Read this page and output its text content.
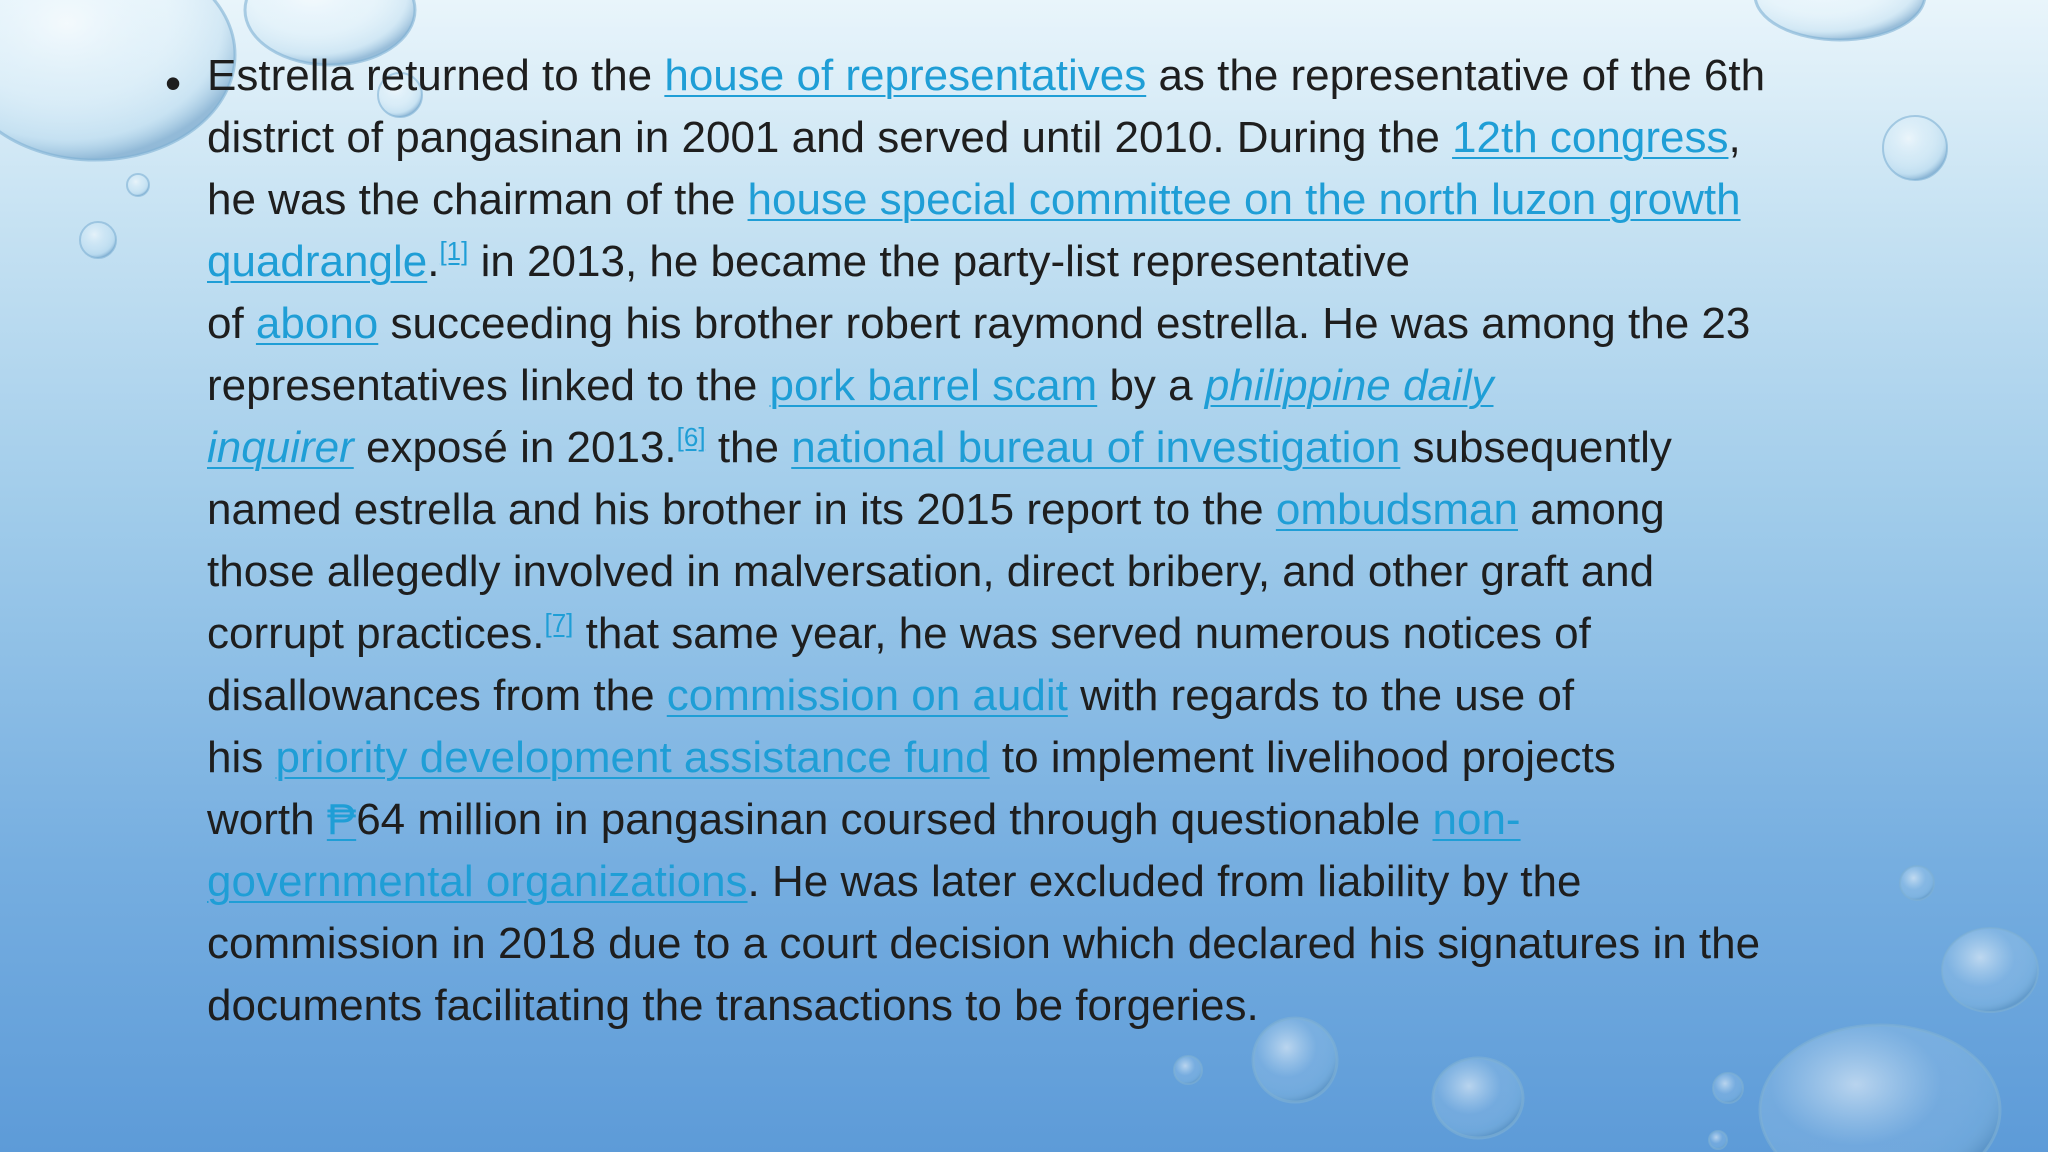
• Estrella returned to the house of representatives as the representative of the 6th
district of pangasinan in 2001 and served until 2010. During the 12th congress,
he was the chairman of the house special committee on the north luzon growth
quadrangle.[1] in 2013, he became the party-list representative
of abono succeeding his brother robert raymond estrella. He was among the 23
representatives linked to the pork barrel scam by a philippine daily
inquirer exposé in 2013.[6] the national bureau of investigation subsequently
named estrella and his brother in its 2015 report to the ombudsman among
those allegedly involved in malversation, direct bribery, and other graft and
corrupt practices.[7] that same year, he was served numerous notices of
disallowances from the commission on audit with regards to the use of
his priority development assistance fund to implement livelihood projects
worth ₱64 million in pangasinan coursed through questionable non-
governmental organizations. He was later excluded from liability by the
commission in 2018 due to a court decision which declared his signatures in the
documents facilitating the transactions to be forgeries.
